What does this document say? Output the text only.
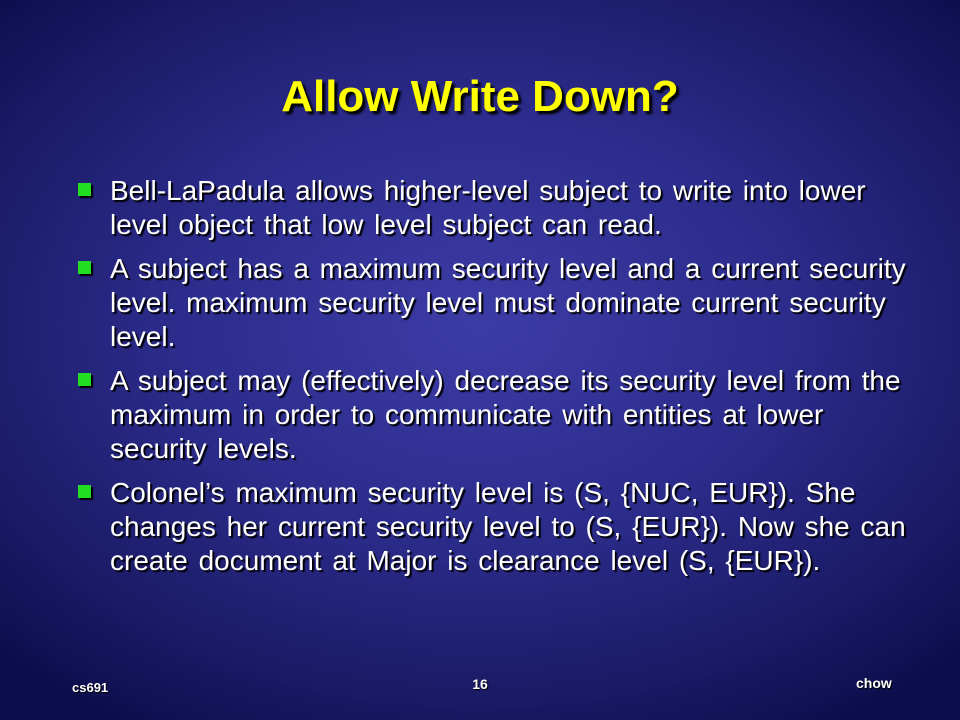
Allow Write Down?
Bell-LaPadula allows higher-level subject to write into lower level object that low level subject can read.
A subject has a maximum security level and a current security level. maximum security level must dominate current security level.
A subject may (effectively) decrease its security level from the maximum in order to communicate with entities at lower security levels.
Colonel’s maximum security level is (S, {NUC, EUR}). She changes her current security level to (S, {EUR}). Now she can create document at Major is clearance level (S, {EUR}).
cs691	16	chow
